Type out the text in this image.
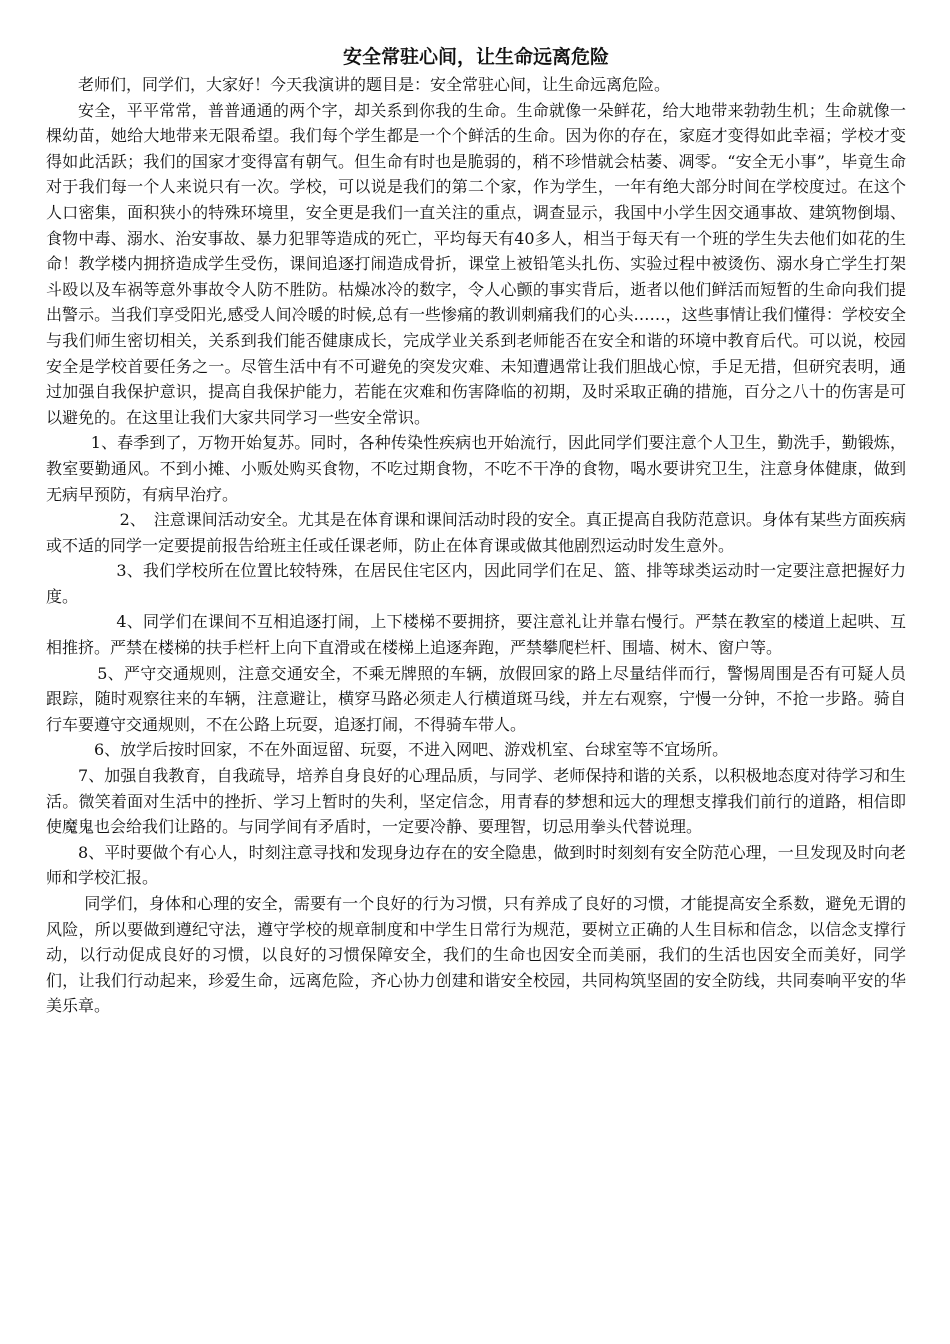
安全常驻心间，让生命远离危险

老师们，同学们，大家好！今天我演讲的题目是：安全常驻心间，让生命远离危险。

安全，平平常常，普普通通的两个字，却关系到你我的生命。生命就像一朵鲜花，给大地带来勃勃生机；生命就像一棵幼苗，她给大地带来无限希望。我们每个学生都是一个个鲜活的生命。因为你的存在，家庭才变得如此幸福；学校才变得如此活跃；我们的国家才变得富有朝气。但生命有时也是脆弱的，稍不珍惜就会枯萎、凋零。“安全无小事”，毕竟生命对于我们每一个人来说只有一次。学校，可以说是我们的第二个家，作为学生，一年有绝大部分时间在学校度过。在这个人口密集，面积狭小的特殊环境里，安全更是我们一直关注的重点，调查显示，我国中小学生因交通事故、建筑物倒塌、食物中毒、溺水、治安事故、暴力犯罪等造成的死亡，平均每天有40多人，相当于每天有一个班的学生失去他们如花的生命！教学楼内拥挤造成学生受伤，课间追逐打闹造成骨折，课堂上被铅笔头扎伤、实验过程中被烫伤、溺水身亡学生打架斗殴以及车祸等意外事故令人防不胜防。枯燥冰冷的数字，令人心颤的事实背后，逝者以他们鲜活而短暂的生命向我们提出警示。当我们享受阳光,感受人间冷暖的时候,总有一些惨痛的教训刺痛我们的心头……，这些事情让我们懂得：学校安全与我们师生密切相关，关系到我们能否健康成长，完成学业关系到老师能否在安全和谐的环境中教育后代。可以说，校园安全是学校首要任务之一。尽管生活中有不可避免的突发灾难、未知遭遇常让我们胆战心惊，手足无措，但研究表明，通过加强自我保护意识，提高自我保护能力，若能在灾难和伤害降临的初期，及时采取正确的措施，百分之八十的伤害是可以避免的。在这里让我们大家共同学习一些安全常识。

1、春季到了，万物开始复苏。同时，各种传染性疾病也开始流行，因此同学们要注意个人卫生，勤洗手，勤锻炼，教室要勤通风。不到小摊、小贩处购买食物，不吃过期食物，不吃不干净的食物，喝水要讲究卫生，注意身体健康，做到无病早预防，有病早治疗。

2、　注意课间活动安全。尤其是在体育课和课间活动时段的安全。真正提高自我防范意识。身体有某些方面疾病或不适的同学一定要提前报告给班主任或任课老师，防止在体育课或做其他剧烈运动时发生意外。

3、我们学校所在位置比较特殊，在居民住宅区内，因此同学们在足、篮、排等球类运动时一定要注意把握好力度。

4、同学们在课间不互相追逐打闹，上下楼梯不要拥挤，要注意礼让并靠右慢行。严禁在教室的楼道上起哄、互相推挤。严禁在楼梯的扶手栏杆上向下直滑或在楼梯上追逐奔跑，严禁攀爬栏杆、围墙、树木、窗户等。

5、严守交通规则，注意交通安全，不乘无牌照的车辆，放假回家的路上尽量结伴而行，警惕周围是否有可疑人员跟踪，随时观察往来的车辆，注意避让，横穿马路必须走人行横道斑马线，并左右观察，宁慢一分钟，不抢一步路。骑自行车要遵守交通规则，不在公路上玩耍，追逐打闹，不得骑车带人。

6、放学后按时回家，不在外面逗留、玩耍，不进入网吧、游戏机室、台球室等不宜场所。

7、加强自我教育，自我疏导，培养自身良好的心理品质，与同学、老师保持和谐的关系，以积极地态度对待学习和生活。微笑着面对生活中的挫折、学习上暂时的失利，坚定信念，用青春的梦想和远大的理想支撑我们前行的道路，相信即使魔鬼也会给我们让路的。与同学间有矛盾时，一定要冷静、要理智，切忌用拳头代替说理。

8、平时要做个有心人，时刻注意寻找和发现身边存在的安全隐患，做到时时刻刻有安全防范心理，一旦发现及时向老师和学校汇报。

同学们，身体和心理的安全，需要有一个良好的行为习惯，只有养成了良好的习惯，才能提高安全系数，避免无谓的风险，所以要做到遵纪守法，遵守学校的规章制度和中学生日常行为规范，要树立正确的人生目标和信念，以信念支撑行动，以行动促成良好的习惯，以良好的习惯保障安全，我们的生命也因安全而美丽，我们的生活也因安全而美好，同学们，让我们行动起来，珍爱生命，远离危险，齐心协力创建和谐安全校园，共同构筑坚固的安全防线，共同奏响平安的华美乐章。
